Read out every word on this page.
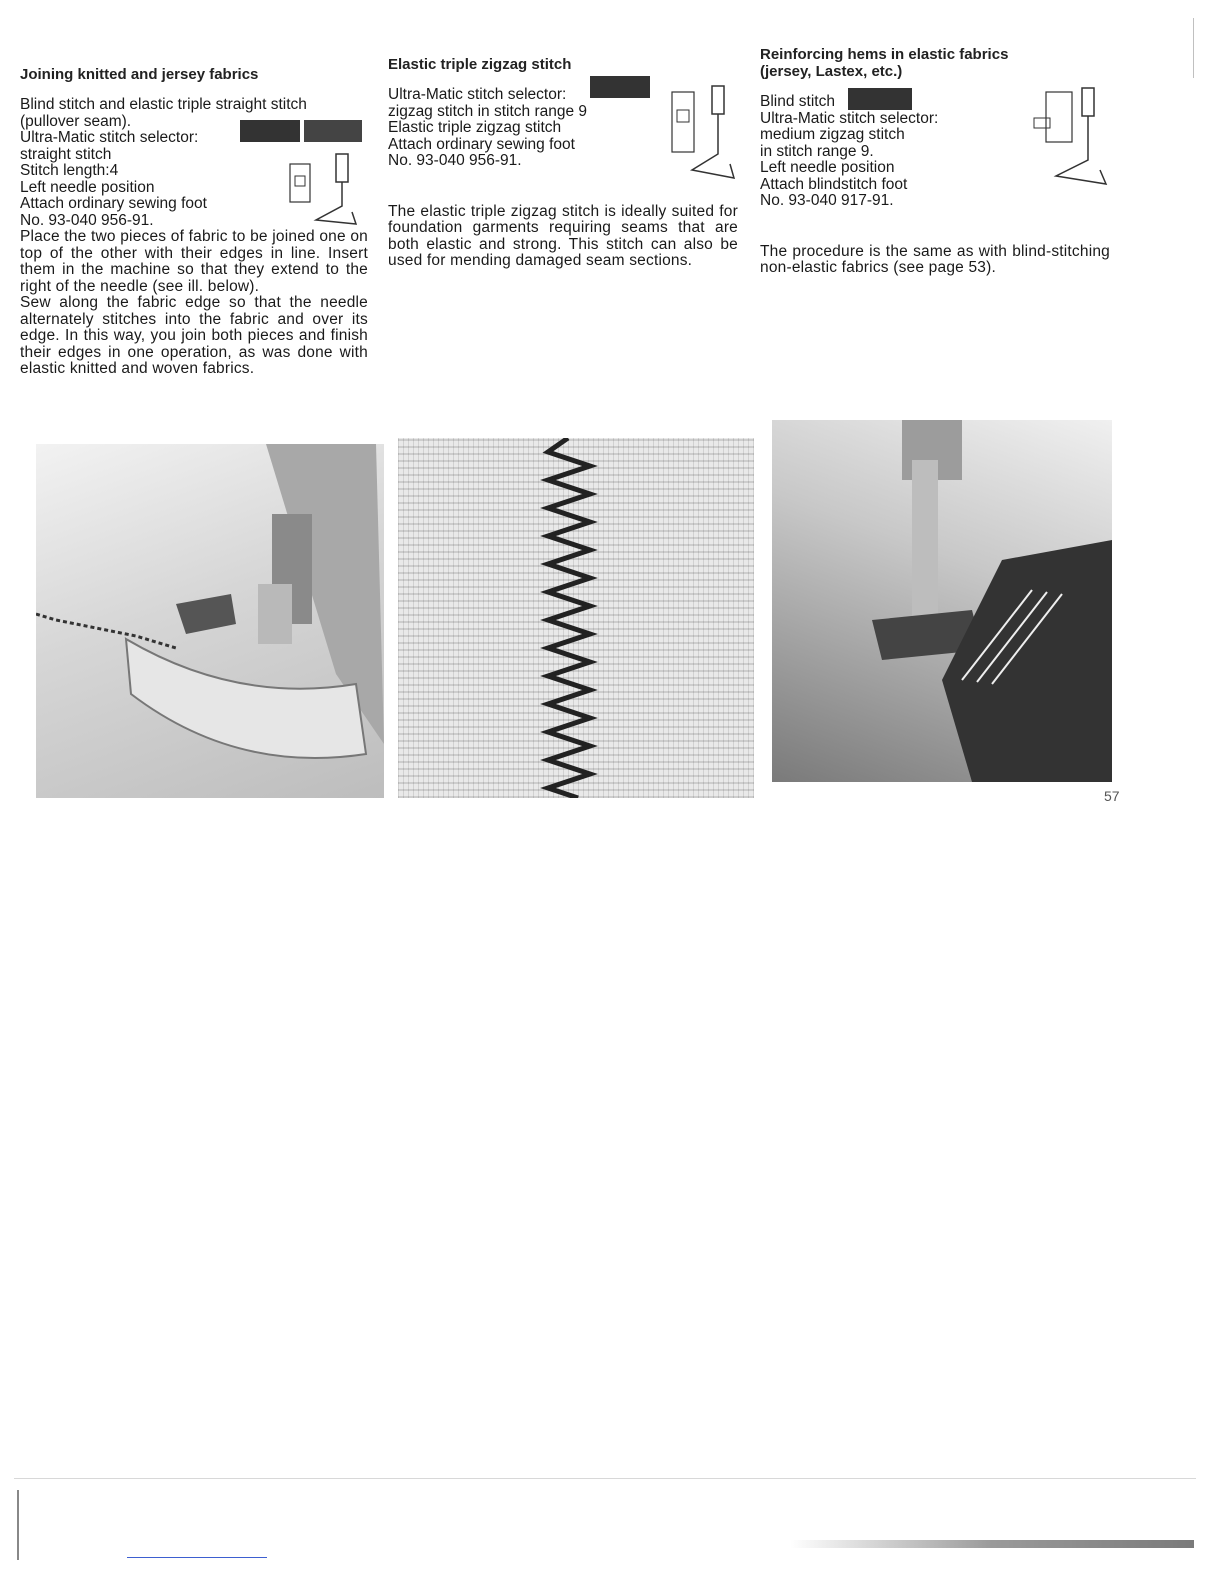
Joining knitted and jersey fabrics

Blind stitch and elastic triple straight stitch

(pullover seam).

Ultra-Matic stitch selector:

straight stitch

Stitch length:4

Left needle position

Attach ordinary sewing foot

No. 93-040 956-91.

Place the two pieces of fabric to be joined one on top of the other with their edges in line. Insert them in the machine so that they extend to the right of the needle (see ill. below).

Sew along the fabric edge so that the needle alternately stitches into the fabric and over its edge. In this way, you join both pieces and finish their edges in one operation, as was done with elastic knitted and woven fabrics.

Elastic triple zigzag stitch

Ultra-Matic stitch selector:

zigzag stitch in stitch range 9

Elastic triple zigzag stitch

Attach ordinary sewing foot

No. 93-040 956-91.

The elastic triple zigzag stitch is ideally suited for foundation garments requiring seams that are both elastic and strong. This stitch can also be used for mending damaged seam sections.

Reinforcing hems in elastic fabrics

(jersey, Lastex, etc.)

Blind stitch

Ultra-Matic stitch selector:

medium zigzag stitch

in stitch range 9.

Left needle position

Attach blindstitch foot

No. 93-040 917-91.

The procedure is the same as with blind-stitching non-elastic fabrics (see page 53).

57
